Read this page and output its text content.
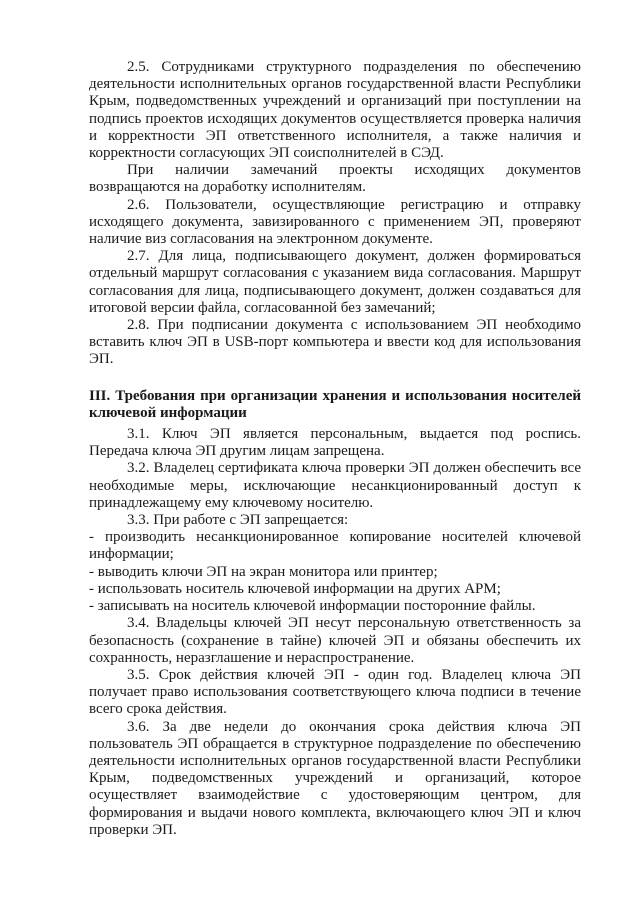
2.5. Сотрудниками структурного подразделения по обеспечению деятельности исполнительных органов государственной власти Республики Крым, подведомственных учреждений и организаций при поступлении на подпись проектов исходящих документов осуществляется проверка наличия и корректности ЭП ответственного исполнителя, а также наличия и корректности согласующих ЭП соисполнителей в СЭД.

При наличии замечаний проекты исходящих документов возвращаются на доработку исполнителям.

2.6. Пользователи, осуществляющие регистрацию и отправку исходящего документа, завизированного с применением ЭП, проверяют наличие виз согласования на электронном документе.

2.7. Для лица, подписывающего документ, должен формироваться отдельный маршрут согласования с указанием вида согласования. Маршрут согласования для лица, подписывающего документ, должен создаваться для итоговой версии файла, согласованной без замечаний;

2.8. При подписании документа с использованием ЭП необходимо вставить ключ ЭП в USB-порт компьютера и ввести код для использования ЭП.

III. Требования при организации хранения и использования носителей ключевой информации

3.1. Ключ ЭП является персональным, выдается под роспись. Передача ключа ЭП другим лицам запрещена.

3.2. Владелец сертификата ключа проверки ЭП должен обеспечить все необходимые меры, исключающие несанкционированный доступ к принадлежащему ему ключевому носителю.

3.3. При работе с ЭП запрещается:

- производить несанкционированное копирование носителей ключевой информации;

- выводить ключи ЭП на экран монитора или принтер;

- использовать носитель ключевой информации на других АРМ;

- записывать на носитель ключевой информации посторонние файлы.

3.4. Владельцы ключей ЭП несут персональную ответственность за безопасность (сохранение в тайне) ключей ЭП и обязаны обеспечить их сохранность, неразглашение и нераспространение.

3.5. Срок действия ключей ЭП - один год. Владелец ключа ЭП получает право использования соответствующего ключа подписи в течение всего срока действия.

3.6. За две недели до окончания срока действия ключа ЭП пользователь ЭП обращается в структурное подразделение по обеспечению деятельности исполнительных органов государственной власти Республики Крым, подведомственных учреждений и организаций, которое осуществляет взаимодействие с удостоверяющим центром, для формирования и выдачи нового комплекта, включающего ключ ЭП и ключ проверки ЭП.
